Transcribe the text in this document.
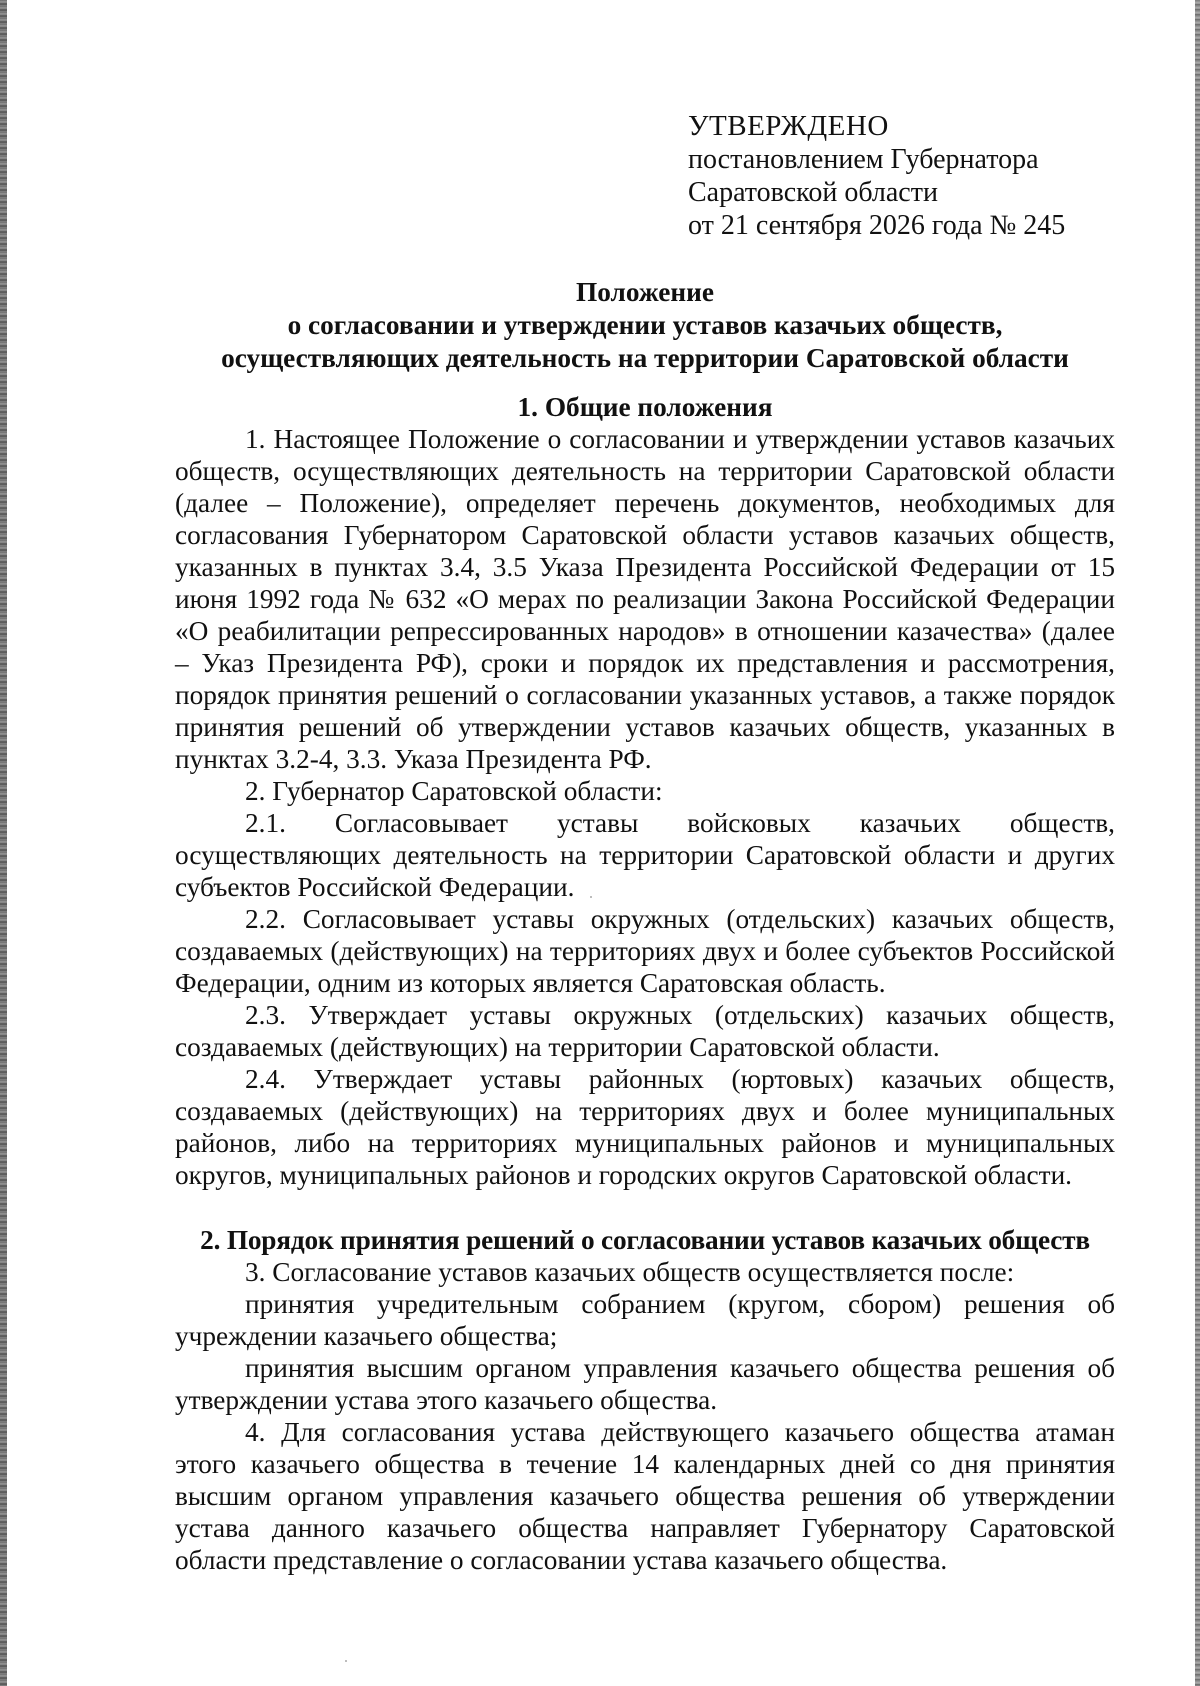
УТВЕРЖДЕНО
постановлением Губернатора
Саратовской области
от 21 сентября 2026 года № 245
Положение
о согласовании и утверждении уставов казачьих обществ,
осуществляющих деятельность на территории Саратовской области
1. Общие положения

1. Настоящее Положение о согласовании и утверждении уставов казачьих обществ, осуществляющих деятельность на территории Саратовской области (далее – Положение), определяет перечень документов, необходимых для согласования Губернатором Саратовской области уставов казачьих обществ, указанных в пунктах 3.4, 3.5 Указа Президента Российской Федерации от 15 июня 1992 года № 632 «О мерах по реализации Закона Российской Федерации «О реабилитации репрессированных народов» в отношении казачества» (далее – Указ Президента РФ), сроки и порядок их представления и рассмотрения, порядок принятия решений о согласовании указанных уставов, а также порядок принятия решений об утверждении уставов казачьих обществ, указанных в пунктах 3.2-4, 3.3. Указа Президента РФ.

2. Губернатор Саратовской области:

2.1. Согласовывает уставы войсковых казачьих обществ, осуществляющих деятельность на территории Саратовской области и других субъектов Российской Федерации.

2.2. Согласовывает уставы окружных (отдельских) казачьих обществ, создаваемых (действующих) на территориях двух и более субъектов Российской Федерации, одним из которых является Саратовская область.

2.3. Утверждает уставы окружных (отдельских) казачьих обществ, создаваемых (действующих) на территории Саратовской области.

2.4. Утверждает уставы районных (юртовых) казачьих обществ, создаваемых (действующих) на территориях двух и более муниципальных районов, либо на территориях муниципальных районов и муниципальных округов, муниципальных районов и городских округов Саратовской области.

2. Порядок принятия решений о согласовании уставов казачьих обществ

3. Согласование уставов казачьих обществ осуществляется после:

принятия учредительным собранием (кругом, сбором) решения об учреждении казачьего общества;

принятия высшим органом управления казачьего общества решения об утверждении устава этого казачьего общества.

4. Для согласования устава действующего казачьего общества атаман этого казачьего общества в течение 14 календарных дней со дня принятия высшим органом управления казачьего общества решения об утверждении устава данного казачьего общества направляет Губернатору Саратовской области представление о согласовании устава казачьего общества.
